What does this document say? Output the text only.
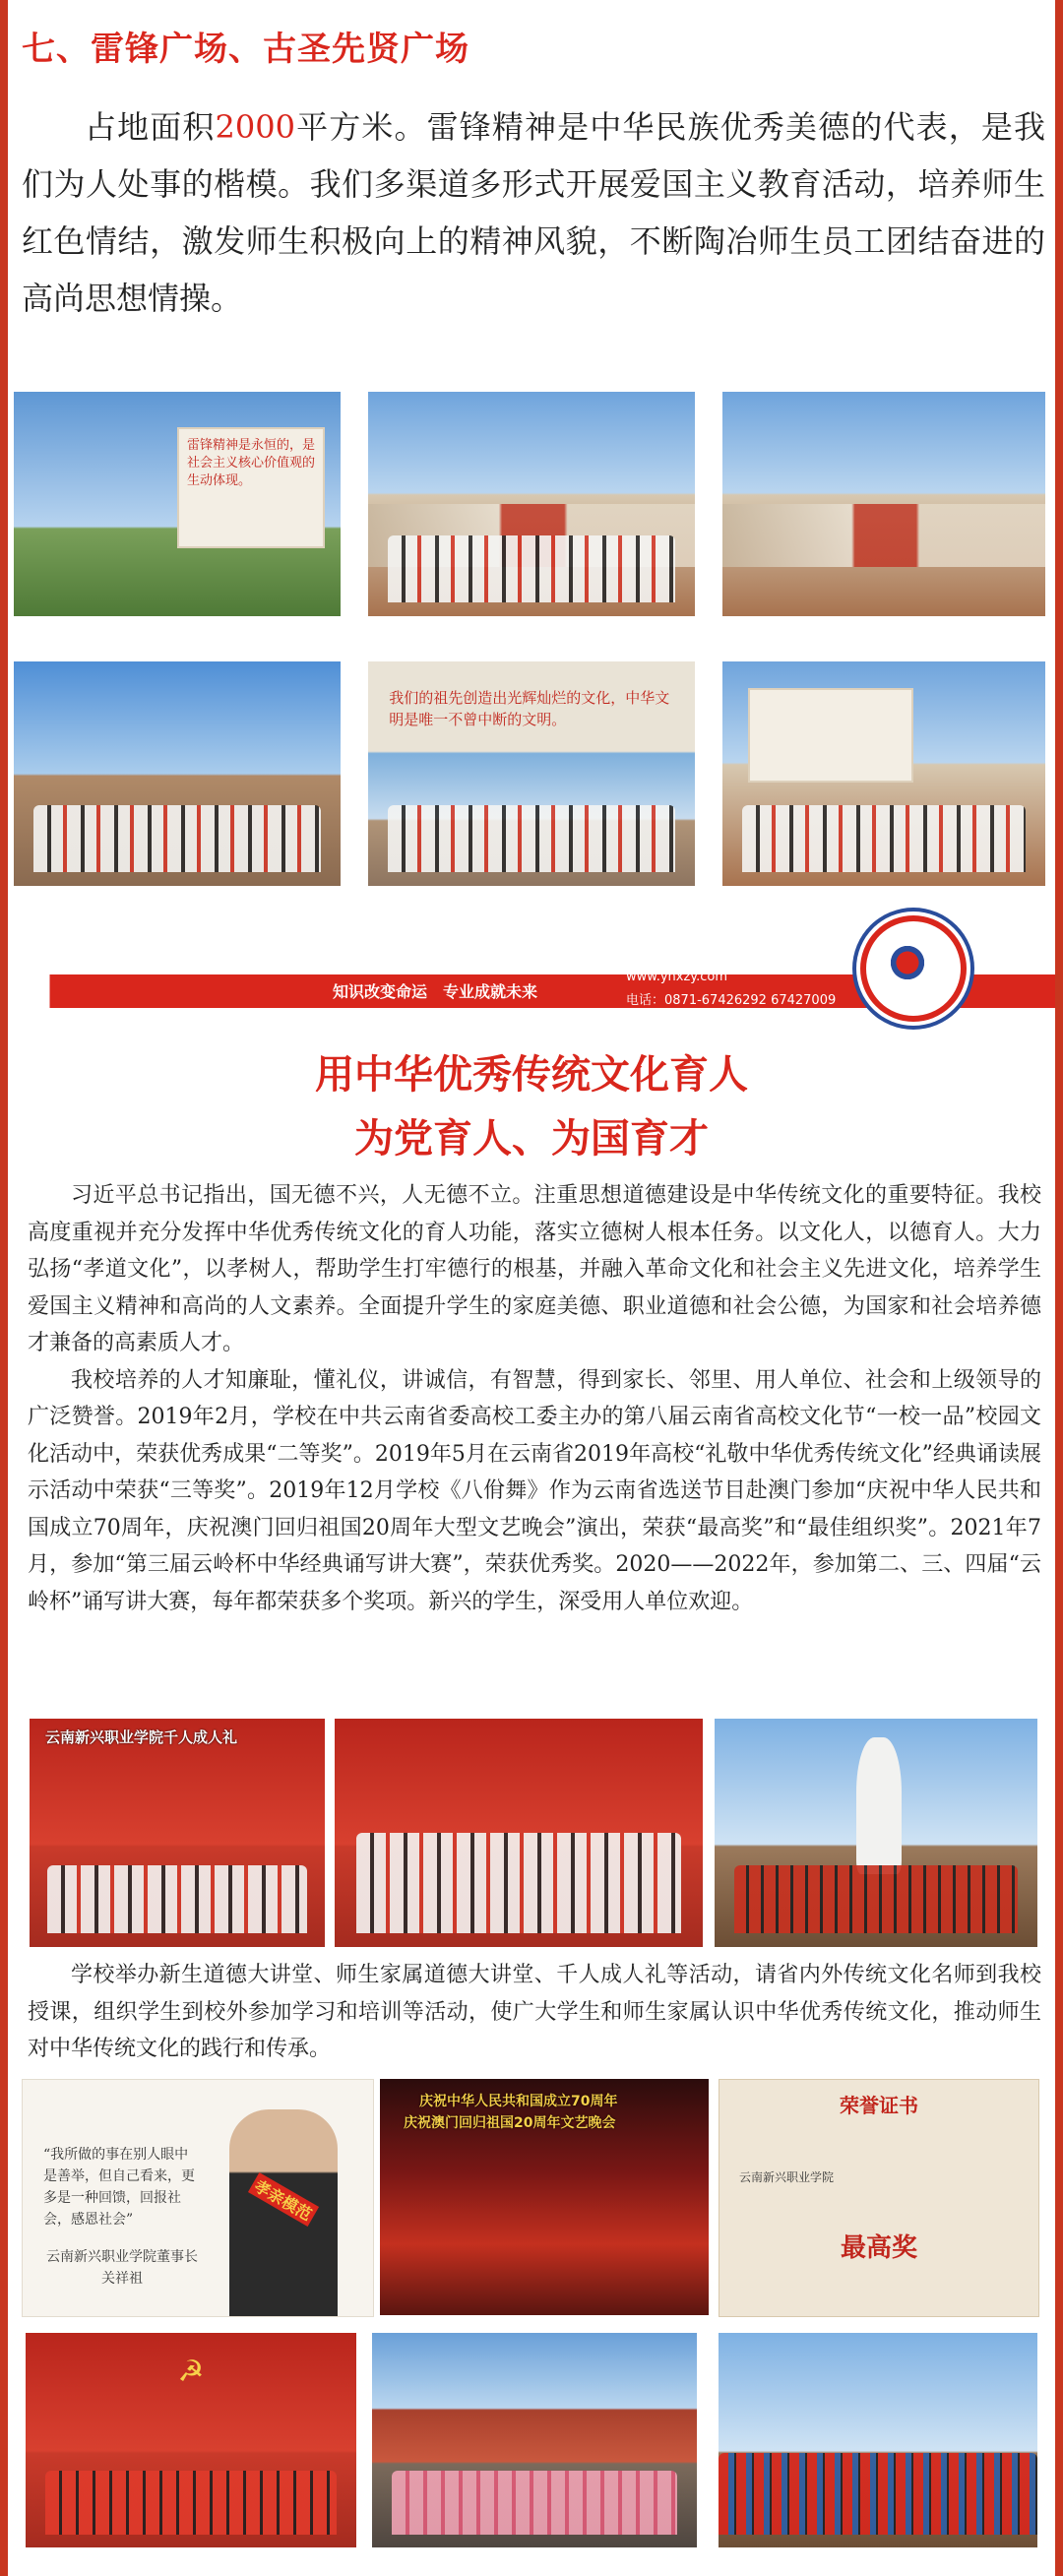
七、雷锋广场、古圣先贤广场
占地面积2000平方米。雷锋精神是中华民族优秀美德的代表，是我们为人处事的楷模。我们多渠道多形式开展爱国主义教育活动，培养师生红色情结，激发师生积极向上的精神风貌，不断陶冶师生员工团结奋进的高尚思想情操。
雷锋精神是永恒的，是社会主义核心价值观的生动体现。
我们的祖先创造出光辉灿烂的文化，中华文明是唯一不曾中断的文明。
知识改变命运　专业成就未来
www.ynxzy.com
电话：0871-67426292 67427009
用中华优秀传统文化育人
为党育人、为国育才

习近平总书记指出，国无德不兴，人无德不立。注重思想道德建设是中华传统文化的重要特征。我校高度重视并充分发挥中华优秀传统文化的育人功能，落实立德树人根本任务。以文化人，以德育人。大力弘扬“孝道文化”，以孝树人，帮助学生打牢德行的根基，并融入革命文化和社会主义先进文化，培养学生爱国主义精神和高尚的人文素养。全面提升学生的家庭美德、职业道德和社会公德，为国家和社会培养德才兼备的高素质人才。

我校培养的人才知廉耻，懂礼仪，讲诚信，有智慧，得到家长、邻里、用人单位、社会和上级领导的广泛赞誉。2019年2月，学校在中共云南省委高校工委主办的第八届云南省高校文化节“一校一品”校园文化活动中，荣获优秀成果“二等奖”。2019年5月在云南省2019年高校“礼敬中华优秀传统文化”经典诵读展示活动中荣获“三等奖”。2019年12月学校《八佾舞》作为云南省选送节目赴澳门参加“庆祝中华人民共和国成立70周年，庆祝澳门回归祖国20周年大型文艺晚会”演出，荣获“最高奖”和“最佳组织奖”。2021年7月，参加“第三届云岭杯中华经典诵写讲大赛”，荣获优秀奖。2020——2022年，参加第二、三、四届“云岭杯”诵写讲大赛，每年都荣获多个奖项。新兴的学生，深受用人单位欢迎。

云南新兴职业学院千人成人礼

学校举办新生道德大讲堂、师生家属道德大讲堂、千人成人礼等活动，请省内外传统文化名师到我校授课，组织学生到校外参加学习和培训等活动，使广大学生和师生家属认识中华优秀传统文化，推动师生对中华传统文化的践行和传承。

孝亲模范
“我所做的事在别人眼中是善举，但自己看来，更多是一种回馈，回报社会，感恩社会”
云南新兴职业学院董事长关祥祖
庆祝中华人民共和国成立70周年
庆祝澳门回归祖国20周年文艺晚会
荣誉证书
云南新兴职业学院
最高奖
☭
